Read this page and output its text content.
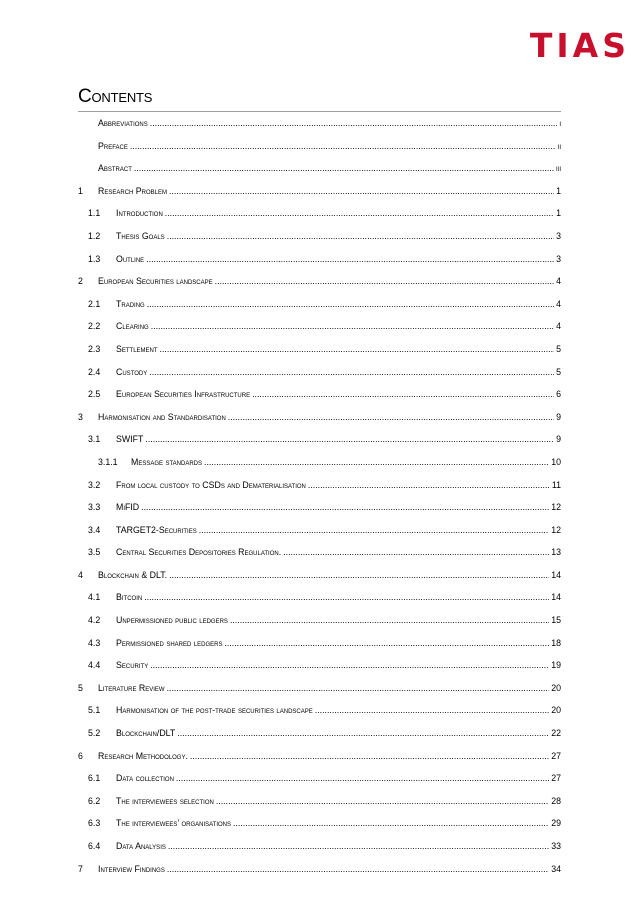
TIAS
Contents
Abbreviations .....	i
Preface .....	ii
Abstract .....	iii
1	Research Problem .....	1
1.1	Introduction .....	1
1.2	Thesis Goals .....	3
1.3	Outline .....	3
2	European Securities landscape .....	4
2.1	Trading .....	4
2.2	Clearing .....	4
2.3	Settlement .....	5
2.4	Custody .....	5
2.5	European Securities Infrastructure .....	6
3	Harmonisation and Standardisation .....	9
3.1	SWIFT .....	9
3.1.1	Message standards .....	10
3.2	From local custody to CSDs and Dematerialisation .....	11
3.3	MiFID .....	12
3.4	TARGET2-Securities .....	12
3.5	Central Securities Depositories Regulation. .....	13
4	Blockchain & DLT. .....	14
4.1	Bitcoin .....	14
4.2	Unpermissioned public ledgers .....	15
4.3	Permissioned shared ledgers .....	18
4.4	Security .....	19
5	Literature Review .....	20
5.1	Harmonisation of the post-trade securities landscape .....	20
5.2	Blockchain/DLT .....	22
6	Research Methodology. .....	27
6.1	Data collection .....	27
6.2	The interviewees selection .....	28
6.3	The interviewees’ organisations .....	29
6.4	Data Analysis .....	33
7	Interview Findings .....	34
